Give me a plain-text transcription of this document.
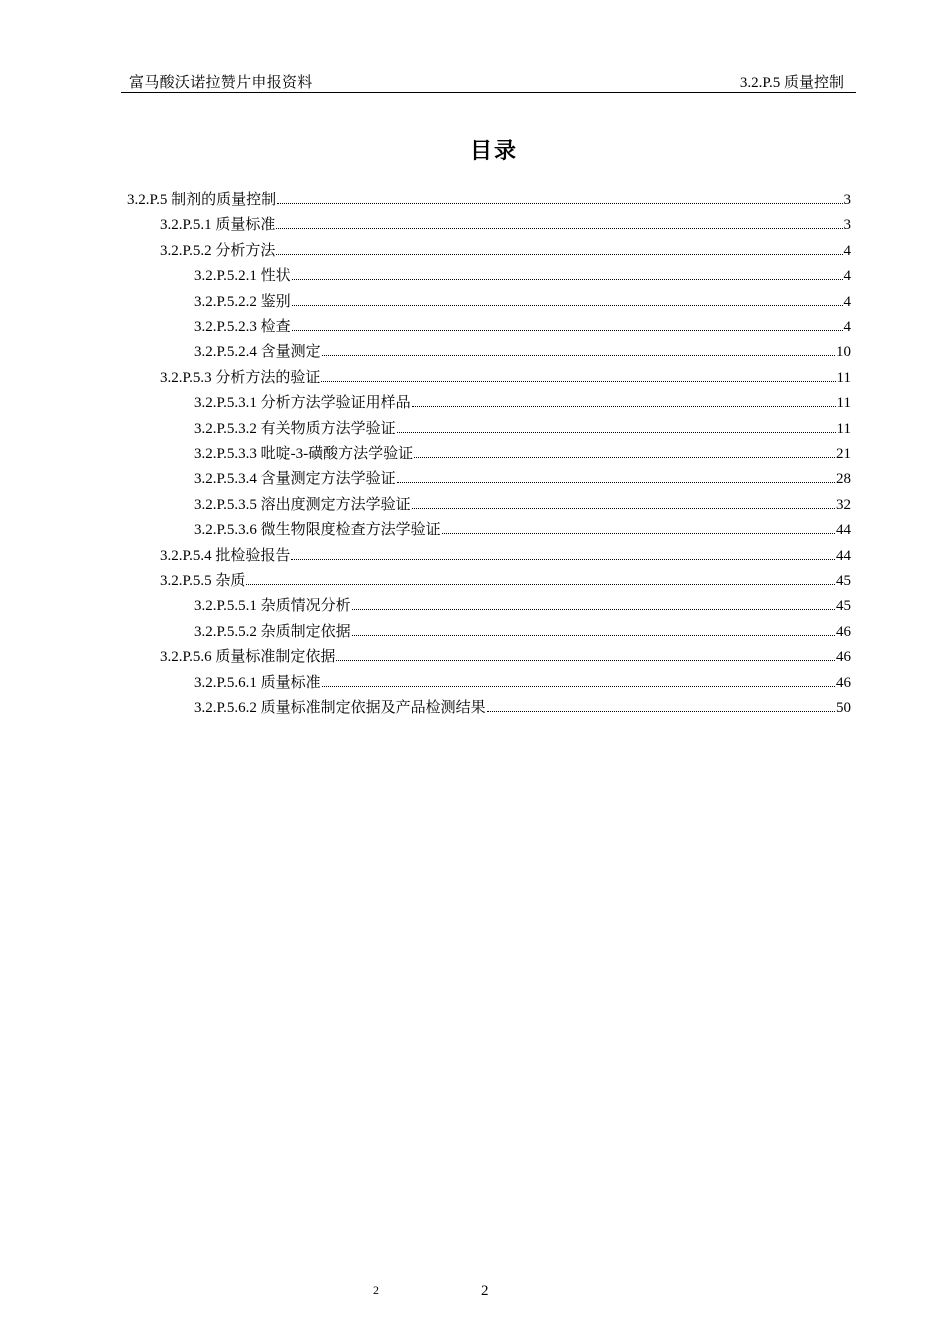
富马酸沃诺拉赞片申报资料	3.2.P.5 质量控制
目录
3.2.P.5 制剂的质量控制	3
3.2.P.5.1 质量标准	3
3.2.P.5.2 分析方法	4
3.2.P.5.2.1 性状	4
3.2.P.5.2.2 鉴别	4
3.2.P.5.2.3 检查	4
3.2.P.5.2.4 含量测定	10
3.2.P.5.3 分析方法的验证	11
3.2.P.5.3.1 分析方法学验证用样品	11
3.2.P.5.3.2 有关物质方法学验证	11
3.2.P.5.3.3 吡啶-3-磺酸方法学验证	21
3.2.P.5.3.4 含量测定方法学验证	28
3.2.P.5.3.5 溶出度测定方法学验证	32
3.2.P.5.3.6 微生物限度检查方法学验证	44
3.2.P.5.4 批检验报告	44
3.2.P.5.5 杂质	45
3.2.P.5.5.1 杂质情况分析	45
3.2.P.5.5.2 杂质制定依据	46
3.2.P.5.6 质量标准制定依据	46
3.2.P.5.6.1 质量标准	46
3.2.P.5.6.2 质量标准制定依据及产品检测结果	50
2	2
